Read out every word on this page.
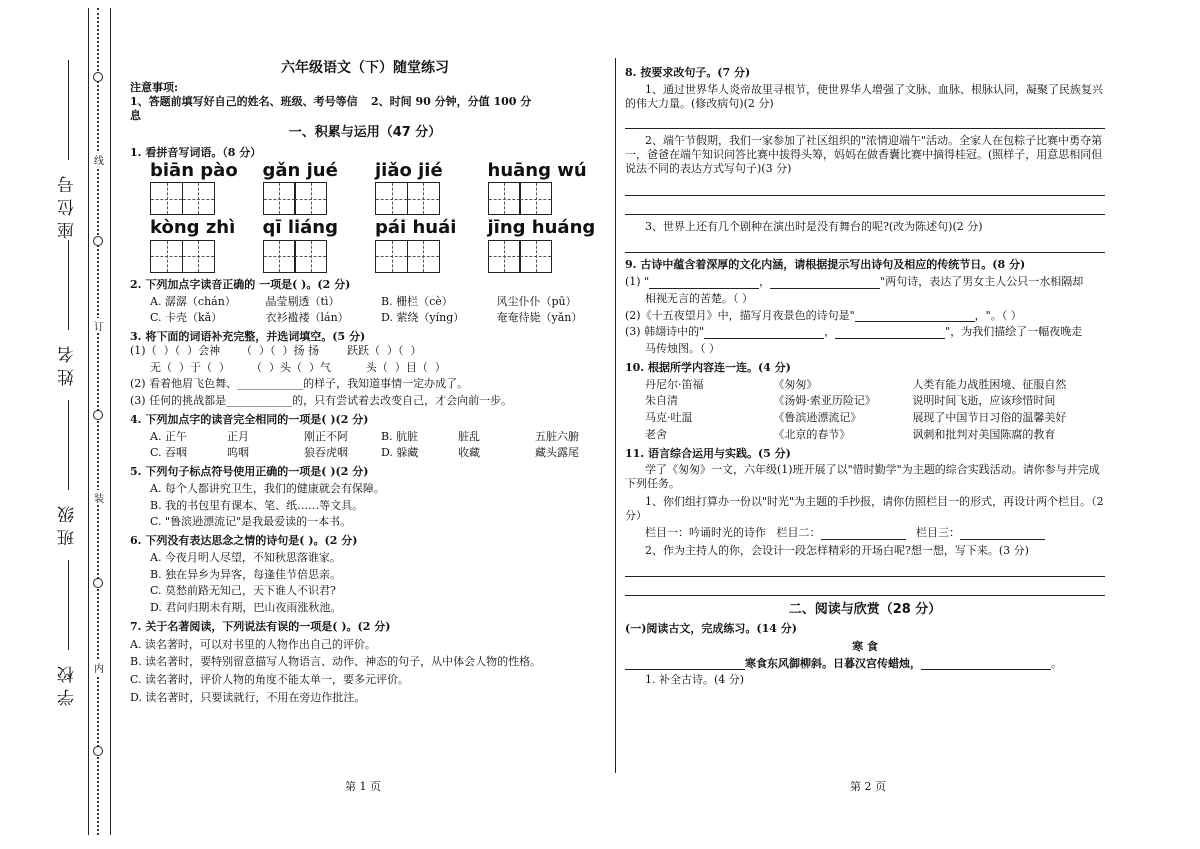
座位号
姓名
班级
学校
线
订
装
内
六年级语文（下）随堂练习
注意事项:
1、答题前填写好自己的姓名、班级、考号等信息
2、时间 90 分钟，分值 100 分
一、积累与运用（47 分）
1. 看拼音写词语。（8 分）
biān pào	gǎn jué	jiǎo jié	huāng wú
kòng zhì	qī liáng	pái huái	jīng huáng
2. 下列加点字读音正确的 一项是( )。(2 分)
A. 潺潺（chán）	晶莹剔透（tì）	B. 栅栏（cè）	风尘仆仆（pū）
C. 卡壳（kǎ）	衣衫褴褛（lán）	D. 萦绕（yíng）	奄奄待毙（yǎn）
3. 将下面的词语补充完整，并选词填空。(5 分)
(1)（  ）（  ）会神      （  ）（  ）扬 扬        跃跃（  ）（  ）
无（  ）于（  ）      （  ）头（  ）气          头（  ）目（  ）
(2) 看着他眉飞色舞、____________的样子，我知道事情一定办成了。
(3) 任何的挑战都是____________的，只有尝试着去改变自己，才会向前一步。
4. 下列加点字的读音完全相同的一项是( )(2 分)
A. 正午	正月	刚正不阿	B. 肮脏	脏乱	五脏六腑
C. 吞咽	呜咽	狼吞虎咽	D. 躲藏	收藏	藏头露尾
5. 下列句子标点符号使用正确的一项是( )(2 分)
A. 每个人都讲究卫生，我们的健康就会有保障。
B. 我的书包里有课本、笔、纸……等文具。
C. "鲁滨逊漂流记"是我最爱读的一本书。
6. 下列没有表达思念之情的诗句是( )。(2 分)
A. 今夜月明人尽望，不知秋思落谁家。
B. 独在异乡为异客，每逢佳节倍思亲。
C. 莫愁前路无知己，天下谁人不识君?
D. 君问归期未有期，巴山夜雨涨秋池。
7. 关于名著阅读，下列说法有误的一项是( )。(2 分)
A. 读名著时，可以对书里的人物作出自己的评价。
B. 读名著时，要特别留意描写人物语言、动作、神态的句子，从中体会人物的性格。
C. 读名著时，评价人物的角度不能太单一，要多元评价。
D. 读名著时，只要读就行，不用在旁边作批注。
第 1 页
8. 按要求改句子。(7 分)
1、通过世界华人炎帝故里寻根节，使世界华人增强了文脉、血脉、根脉认同，凝聚了民族复兴的伟大力量。(修改病句)(2 分)
2、端午节假期，我们一家参加了社区组织的"浓情迎端午"活动。全家人在包粽子比赛中勇夺第一，爸爸在端午知识问答比赛中拔得头筹，妈妈在做香囊比赛中摘得桂冠。(照样子，用意思相同但说法不同的表达方式写句子)(3 分)
3、世界上还有几个剧种在演出时是没有舞台的呢?(改为陈述句)(2 分)
9. 古诗中蕴含着深厚的文化内涵，请根据提示写出诗句及相应的传统节日。(8 分)
(1) "	，	"两句诗，表达了男女主人公只一水相隔却
相视无言的苦楚。（ ）
(2)《十五夜望月》中，描写月夜景色的诗句是"	，"。（ ）
(3) 韩翃诗中的"	，	"，为我们描绘了一幅夜晚走
马传烛图。（ ）
10. 根据所学内容连一连。(4 分)
丹尼尔·笛福	《匆匆》	人类有能力战胜困境、征服自然
朱自清	《汤姆·索亚历险记》	说明时间飞逝，应该珍惜时间
马克·吐温	《鲁滨逊漂流记》	展现了中国节日习俗的温馨美好
老舍	《北京的春节》	讽刺和批判对美国陈腐的教育
11. 语言综合运用与实践。(5 分)
学了《匆匆》一文，六年级(1)班开展了以"惜时勤学"为主题的综合实践活动。请你参与并完成下列任务。
1、你们组打算办一份以"时光"为主题的手抄报，请你仿照栏目一的形式，再设计两个栏目。（2 分）
栏目一：吟诵时光的诗作 栏目二：	栏目三：
2、作为主持人的你，会设计一段怎样精彩的开场白呢?想一想，写下来。(3 分)
二、阅读与欣赏（28 分）
(一)阅读古文，完成练习。(14 分)
寒 食
寒食东风御柳斜。日暮汉宫传蜡烛，	。
1. 补全古诗。(4 分)
第 2 页
